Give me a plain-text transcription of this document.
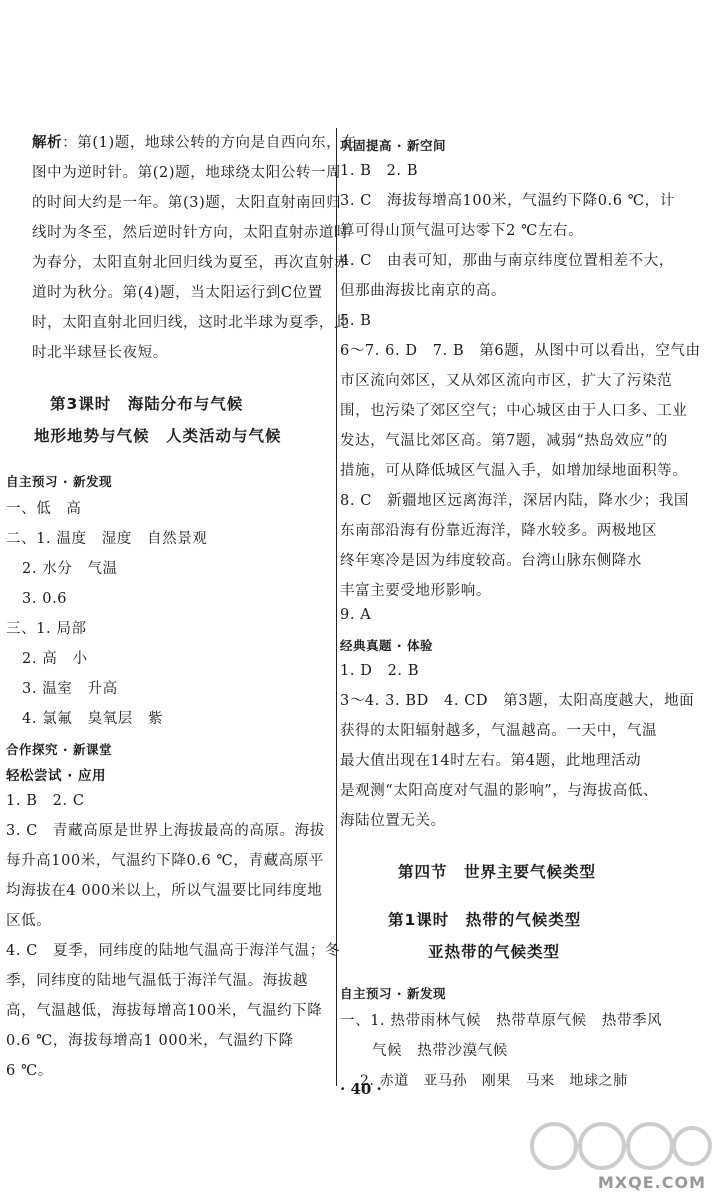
解析：第(1)题，地球公转的方向是自西向东，在
图中为逆时针。第(2)题，地球绕太阳公转一周
的时间大约是一年。第(3)题，太阳直射南回归
线时为冬至，然后逆时针方向，太阳直射赤道时
为春分，太阳直射北回归线为夏至，再次直射赤
道时为秋分。第(4)题，当太阳运行到C位置
时，太阳直射北回归线，这时北半球为夏季，此
时北半球昼长夜短。
第3课时　海陆分布与气候
地形地势与气候　人类活动与气候
自主预习 · 新发现
一、低　高
二、1. 温度　湿度　自然景观
2. 水分　气温
3. 0.6
三、1. 局部
2. 高　小
3. 温室　升高
4. 氯氟　臭氧层　紫
合作探究 · 新课堂
轻松尝试 · 应用
1. B　2. C
3. C　青藏高原是世界上海拔最高的高原。海拔
每升高100米，气温约下降0.6 ℃，青藏高原平
均海拔在4 000米以上，所以气温要比同纬度地
区低。
4. C　夏季，同纬度的陆地气温高于海洋气温；冬
季，同纬度的陆地气温低于海洋气温。海拔越
高，气温越低，海拔每增高100米，气温约下降
0.6 ℃，海拔每增高1 000米，气温约下降
6 ℃。
巩固提高 · 新空间
1. B　2. B
3. C　海拔每增高100米，气温约下降0.6 ℃，计
算可得山顶气温可达零下2 ℃左右。
4. C　由表可知，那曲与南京纬度位置相差不大，
但那曲海拔比南京的高。
5. B
6～7. 6. D　7. B　第6题，从图中可以看出，空气由
市区流向郊区，又从郊区流向市区，扩大了污染范
围，也污染了郊区空气；中心城区由于人口多、工业
发达，气温比郊区高。第7题，减弱“热岛效应”的
措施，可从降低城区气温入手，如增加绿地面积等。
8. C　新疆地区远离海洋，深居内陆，降水少；我国
东南部沿海有份靠近海洋，降水较多。两极地区
终年寒冷是因为纬度较高。台湾山脉东侧降水
丰富主要受地形影响。
9. A
经典真题 · 体验
1. D　2. B
3～4. 3. BD　4. CD　第3题，太阳高度越大，地面
获得的太阳辐射越多，气温越高。一天中，气温
最大值出现在14时左右。第4题，此地理活动
是观测“太阳高度对气温的影响”，与海拔高低、
海陆位置无关。
第四节　世界主要气候类型
第1课时　热带的气候类型
亚热带的气候类型
自主预习 · 新发现
一、1. 热带雨林气候　热带草原气候　热带季风
气候　热带沙漠气候
2. 赤道　亚马孙　刚果　马来　地球之肺
· 40 ·
MXQE.COM
